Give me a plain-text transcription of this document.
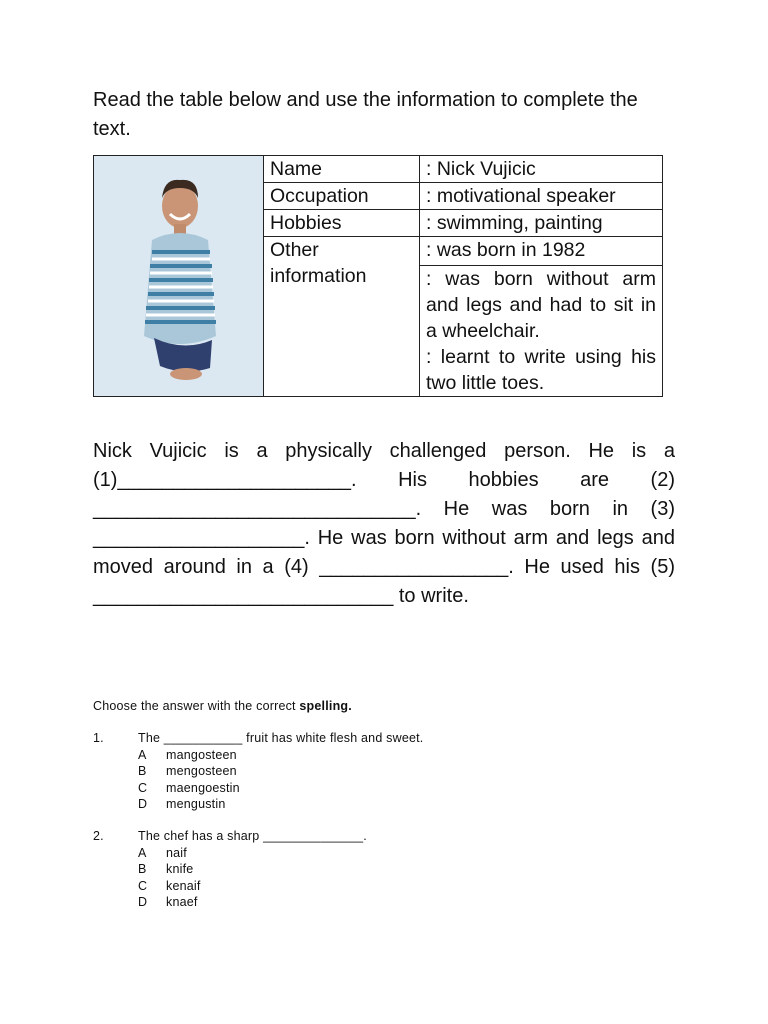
Read the table below and use the information to complete the text.
	Name	: Nick Vujicic
	Occupation	: motivational speaker
	Hobbies	: swimming, painting
	Other information	: was born in 1982
		: was born without arm and legs and had to sit in a wheelchair.
: learnt to write using his two little toes.

Nick Vujicic is a physically challenged person. He is a (1)_____________________. His hobbies are (2) _____________________________. He was born in (3) ___________________. He was born without arm and legs and moved around in a (4) _________________. He used his (5) ___________________________ to write.

Choose the answer with the correct spelling.
1.	The ___________ fruit has white flesh and sweet.
A	mangosteen
B	mengosteen
C	maengoestin
D	mengustin
2.	The chef has a sharp ______________.
A	naif
B	knife
C	kenaif
D	knaef
